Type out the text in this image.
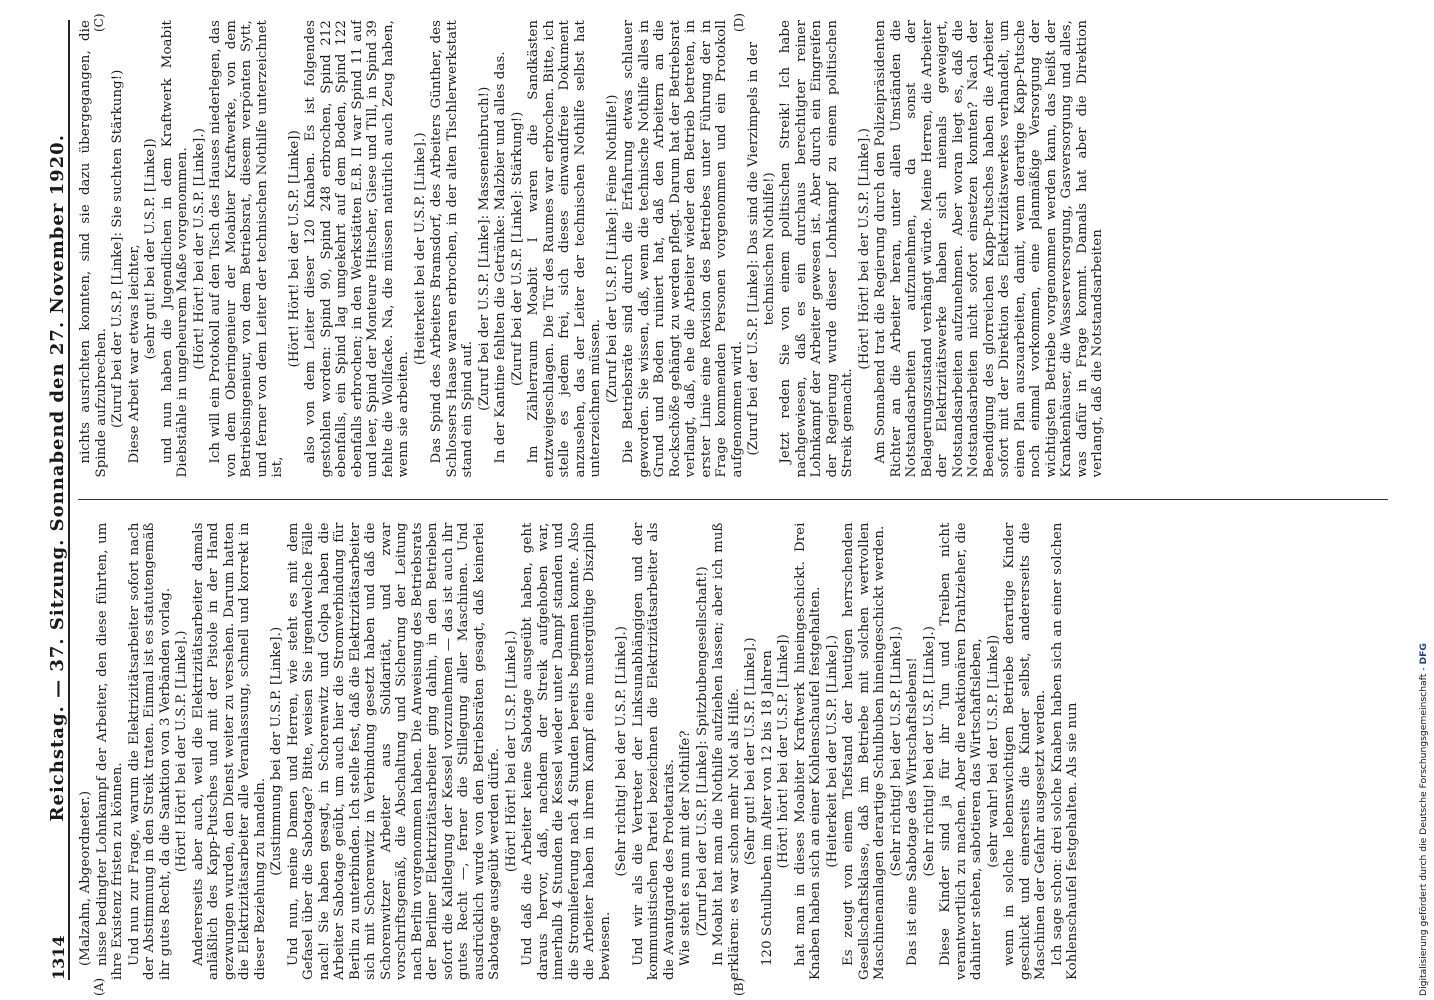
1314
Reichstag. — 37. Sitzung. Sonnabend den 27. November 1920.

(Malzahn, Abgeordneter.) nisse bedingter Lohnkampf der Arbeiter, den diese führten, um ihre Existenz fristen zu können. Und nun zur Frage, warum die Elektrizitätsarbeiter sofort nach der Abstimmung in den Streik traten. Einmal ist es statutengemäß ihr gutes Recht, da die Sanktion von 3 Verbänden vorlag. (Hört! Hört! bei der U.S.P. [Linke].) Andererseits aber auch, weil die Elektrizitätsarbeiter damals anläßlich des Kapp-Putsches und mit der Pistole in der Hand gezwungen wurden, den Dienst weiter zu versehen. Darum hatten die Elektrizitätsarbeiter alle Veranlassung, schnell und korrekt in dieser Beziehung zu handeln.

(Zustimmung bei der U.S.P. [Linke].) Und nun, meine Damen und Herren, wie steht es mit dem Gefasel über die Sabotage? Bitte, weisen Sie irgendwelche Fälle nach! Sie haben gesagt, in Schorenwitz und Golpa haben die Arbeiter Sabotage geübt, um auch hier die Stromverbindung für Berlin zu unterbinden. Ich stelle fest, daß die Elektrizitätsarbeiter sich mit Schorenwitz in Verbindung gesetzt haben und daß die Schorenwitzer Arbeiter aus Solidarität, und zwar vorschriftsgemäß, die Abschaltung und Sicherung der Leitung nach Berlin vorgenommen haben. Die Anweisung des Betriebsrats der Berliner Elektrizitätsarbeiter ging dahin, in den Betrieben sofort die Kaltlegung der Kessel vorzunehmen — das ist auch ihr gutes Recht —, ferner die Stillegung aller Maschinen. Und ausdrücklich wurde von den Betriebsräten gesagt, daß keinerlei Sabotage ausgeübt werden dürfe. (Hört! Hört! bei der U.S.P. [Linke].) Und daß die Arbeiter keine Sabotage ausgeübt haben, geht daraus hervor, daß, nachdem der Streik aufgehoben war, innerhalb 4 Stunden die Kessel wieder unter Dampf standen und die Stromlieferung nach 4 Stunden bereits beginnen konnte. Also die Arbeiter haben in ihrem Kampf eine mustergültige Disziplin bewiesen.

(Sehr richtig! bei der U.S.P. [Linke].) Und wir als die Vertreter der Linksunabhängigen und der kommunistischen Partei bezeichnen die Elektrizitätsarbeiter als die Avantgarde des Proletariats. Wie steht es nun mit der Nothilfe? (Zuruf bei der U.S.P. [Linke]: Spitzbubengesellschaft!) In Moabit hat man die Nothilfe aufziehen lassen; aber ich muß erklären: es war schon mehr Not als Hilfe. (Sehr gut! bei der U.S.P. [Linke].) 120 Schulbuben im Alter von 12 bis 18 Jahren (Hört! hört! bei der U.S.P. [Linke]) hat man in dieses Moabiter Kraftwerk hineingeschickt. Drei Knaben haben sich an einer Kohlenschaufel festgehalten. (Heiterkeit bei der U.S.P. [Linke].) Es zeugt von einem Tiefstand der heutigen herrschenden Gesellschaftsklasse, daß im Betriebe mit solchen wertvollen Maschinenanlagen derartige Schulbuben hineingeschickt werden. (Sehr richtig! bei der U.S.P. [Linke].) Das ist eine Sabotage des Wirtschaftslebens! (Sehr richtig! bei der U.S.P. [Linke].) Diese Kinder sind ja für ihr Tun und Treiben nicht verantwortlich zu machen. Aber die reaktionären Drahtzieher, die dahinter stehen, sabotieren das Wirtschaftsleben, (sehr wahr! bei der U.S.P. [Linke]) wenn in solche lebenswichtigen Betriebe derartige Kinder geschickt und einerseits die Kinder selbst, andererseits die Maschinen der Gefahr ausgesetzt werden. Ich sage schon: drei solche Knaben haben sich an einer solchen Kohlenschaufel festgehalten. Als sie nun

nichts ausrichten konnten, sind sie dazu übergegangen, die Spinde aufzubrechen. (Zuruf bei der U.S.P. [Linke]: Sie suchten Stärkung!) Diese Arbeit war etwas leichter, (sehr gut! bei der U.S.P. [Linke]) und nun haben die Jugendlichen in dem Kraftwerk Moabit Diebstähle in ungeheurem Maße vorgenommen. (Hört! Hört! bei der U.S.P. [Linke].) Ich will ein Protokoll auf den Tisch des Hauses niederlegen, das von dem Oberingenieur der Moabiter Kraftwerke, von dem Betriebsingenieur, von dem Betriebsrat, diesem verpönten Sytt, und ferner von dem Leiter der technischen Nothilfe unterzeichnet ist,

(Hört! Hört! bei der U.S.P. [Linke]) also von dem Leiter dieser 120 Knaben. Es ist folgendes gestohlen worden: Spind 90, Spind 248 erbrochen, Spind 212 ebenfalls, ein Spind lag umgekehrt auf dem Boden, Spind 122 ebenfalls erbrochen; in den Werkstätten E.B. II war Spind 11 auf und leer, Spind der Monteure Hitscher, Giese und Till, in Spind 39 fehlte die Wollfacke. Na, die müssen natürlich auch Zeug haben, wenn sie arbeiten.

(Heiterkeit bei der U.S.P. [Linke].) Das Spind des Arbeiters Bramsdorf, des Arbeiters Günther, des Schlossers Haase waren erbrochen, in der alten Tischlerwerkstatt stand ein Spind auf. (Zuruf bei der U.S.P. [Linke]: Masseneinbruch!) In der Kantine fehlten die Getränke: Malzbier und alles das. (Zuruf bei der U.S.P. [Linke]: Stärkung!) Im Zählerraum Moabit I waren die Sandkästen entzweigeschlagen. Die Tür des Raumes war erbrochen. Bitte, ich stelle es jedem frei, sich dieses einwandfreie Dokument anzusehen, das der Leiter der technischen Nothilfe selbst hat unterzeichnen müssen. (Zuruf bei der U.S.P. [Linke]: Feine Nothilfe!) Die Betriebsräte sind durch die Erfahrung etwas schlauer geworden. Sie wissen, daß, wenn die technische Nothilfe alles in Grund und Boden ruiniert hat, daß den Arbeitern an die Rockschöße gehängt zu werden pflegt. Darum hat der Betriebsrat verlangt, daß, ehe die Arbeiter wieder den Betrieb betreten, in erster Linie eine Revision des Betriebes unter Führung der in Frage kommenden Personen vorgenommen und ein Protokoll aufgenommen wird. (Zuruf bei der U.S.P. [Linke]: Das sind die Vierzimpels in der technischen Nothilfe!) Jetzt reden Sie von einem politischen Streik! Ich habe nachgewiesen, daß es ein durchaus berechtigter reiner Lohnkampf der Arbeiter gewesen ist. Aber durch ein Eingreifen der Regierung wurde dieser Lohnkampf zu einem politischen Streik gemacht.

(Hört! Hört! bei der U.S.P. [Linke].) Am Sonnabend trat die Regierung durch den Polizeipräsidenten Richter an die Arbeiter heran, unter allen Umständen die Notstandsarbeiten aufzunehmen, da sonst der Belagerungszustand verhängt würde. Meine Herren, die Arbeiter der Elektrizitätswerke haben sich niemals geweigert, Notstandsarbeiten aufzunehmen. Aber woran liegt es, daß die Notstandsarbeiten nicht sofort einsetzen konnten? Nach der Beendigung des glorreichen Kapp-Putsches haben die Arbeiter sofort mit der Direktion des Elektrizitätswerkes verhandelt, um einen Plan auszuarbeiten, damit, wenn derartige Kapp-Putsche noch einmal vorkommen, eine planmäßige Versorgung der wichtigsten Betriebe vorgenommen werden kann, das heißt der Krankenhäuser, die Wasserversorgung, Gasversorgung und alles, was dafür in Frage kommt. Damals hat aber die Direktion verlangt, daß die Notstandsarbeiten

(A)	(B)
(C)	(D)
Digitalisierung gefördert durch die Deutsche Forschungsgemeinschaft - DFG
